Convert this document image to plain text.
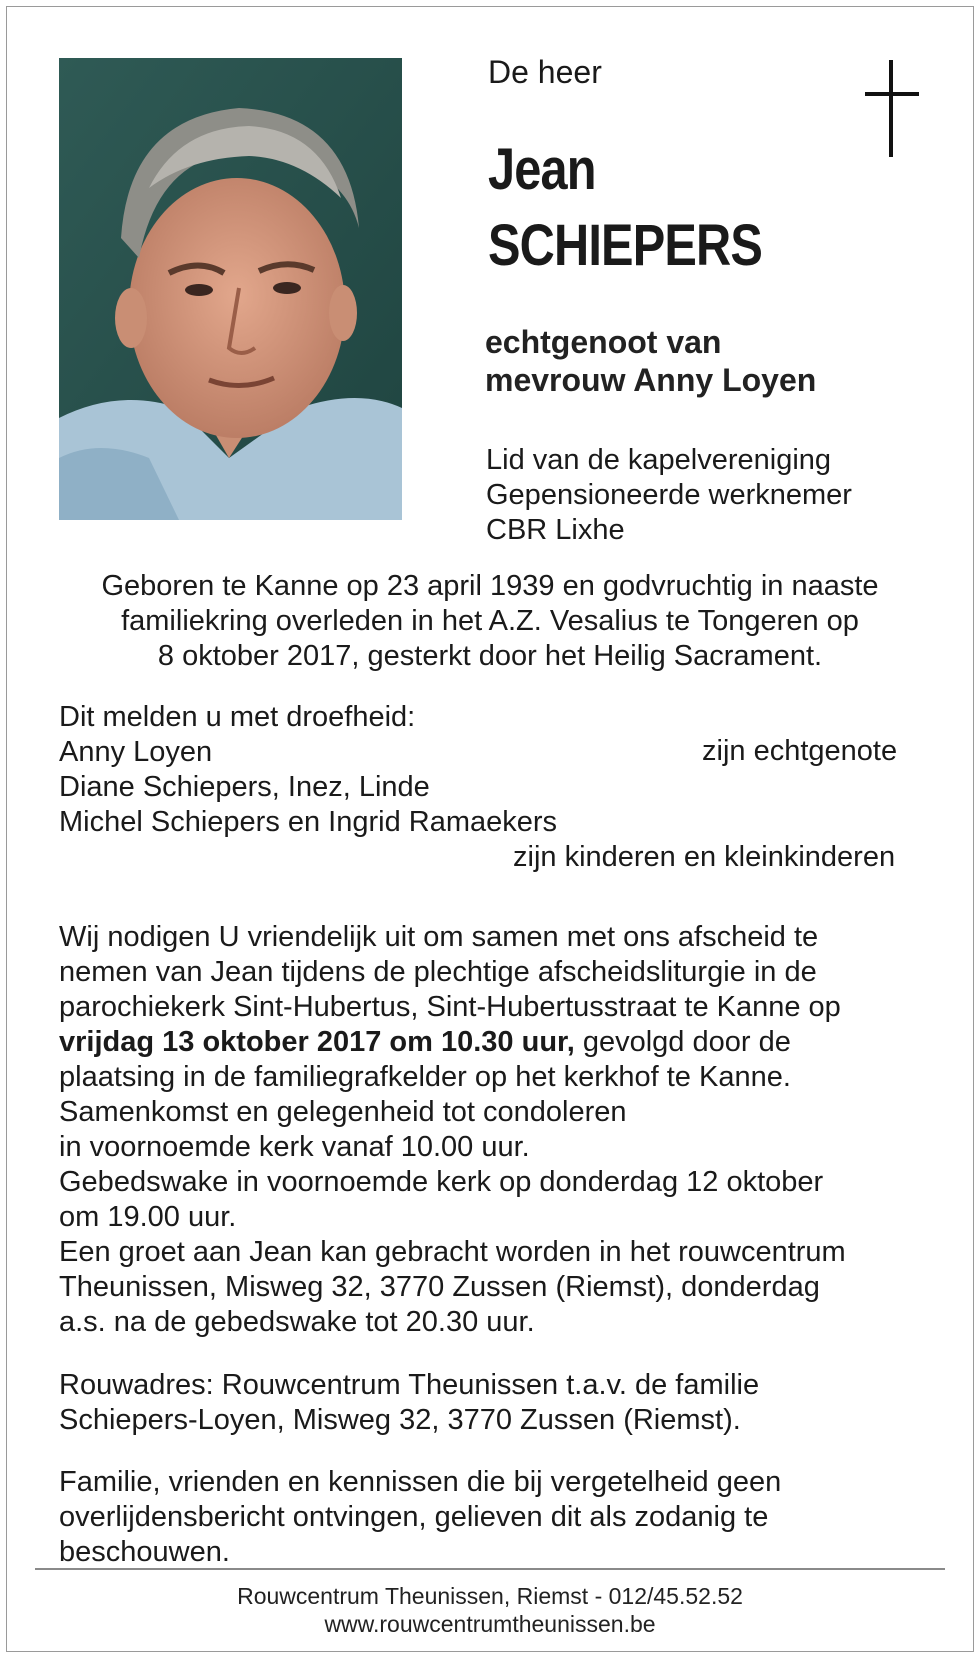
De heer
Jean
SCHIEPERS
echtgenoot van
mevrouw Anny Loyen
Lid van de kapelvereniging
Gepensioneerde werknemer
CBR Lixhe
Geboren te Kanne op 23 april 1939 en godvruchtig in naaste
familiekring overleden in het A.Z. Vesalius te Tongeren op
8 oktober 2017, gesterkt door het Heilig Sacrament.
Dit melden u met droefheid:
Anny Loyen	zijn echtgenote
Diane Schiepers, Inez, Linde
Michel Schiepers en Ingrid Ramaekers
zijn kinderen en kleinkinderen

Wij nodigen U vriendelijk uit om samen met ons afscheid te

nemen van Jean tijdens de plechtige afscheidsliturgie in de

parochiekerk Sint-Hubertus, Sint-Hubertusstraat te Kanne op

vrijdag 13 oktober 2017 om 10.30 uur, gevolgd door de

plaatsing in de familiegrafkelder op het kerkhof te Kanne.

Samenkomst en gelegenheid tot condoleren

in voornoemde kerk vanaf 10.00 uur.

Gebedswake in voornoemde kerk op donderdag 12 oktober

om 19.00 uur.

Een groet aan Jean kan gebracht worden in het rouwcentrum

Theunissen, Misweg 32, 3770 Zussen (Riemst), donderdag

a.s. na de gebedswake tot 20.30 uur.

Rouwadres: Rouwcentrum Theunissen t.a.v. de familie
Schiepers-Loyen, Misweg 32, 3770 Zussen (Riemst).
Familie, vrienden en kennissen die bij vergetelheid geen
overlijdensbericht ontvingen, gelieven dit als zodanig te
beschouwen.
Rouwcentrum Theunissen, Riemst - 012/45.52.52
www.rouwcentrumtheunissen.be
